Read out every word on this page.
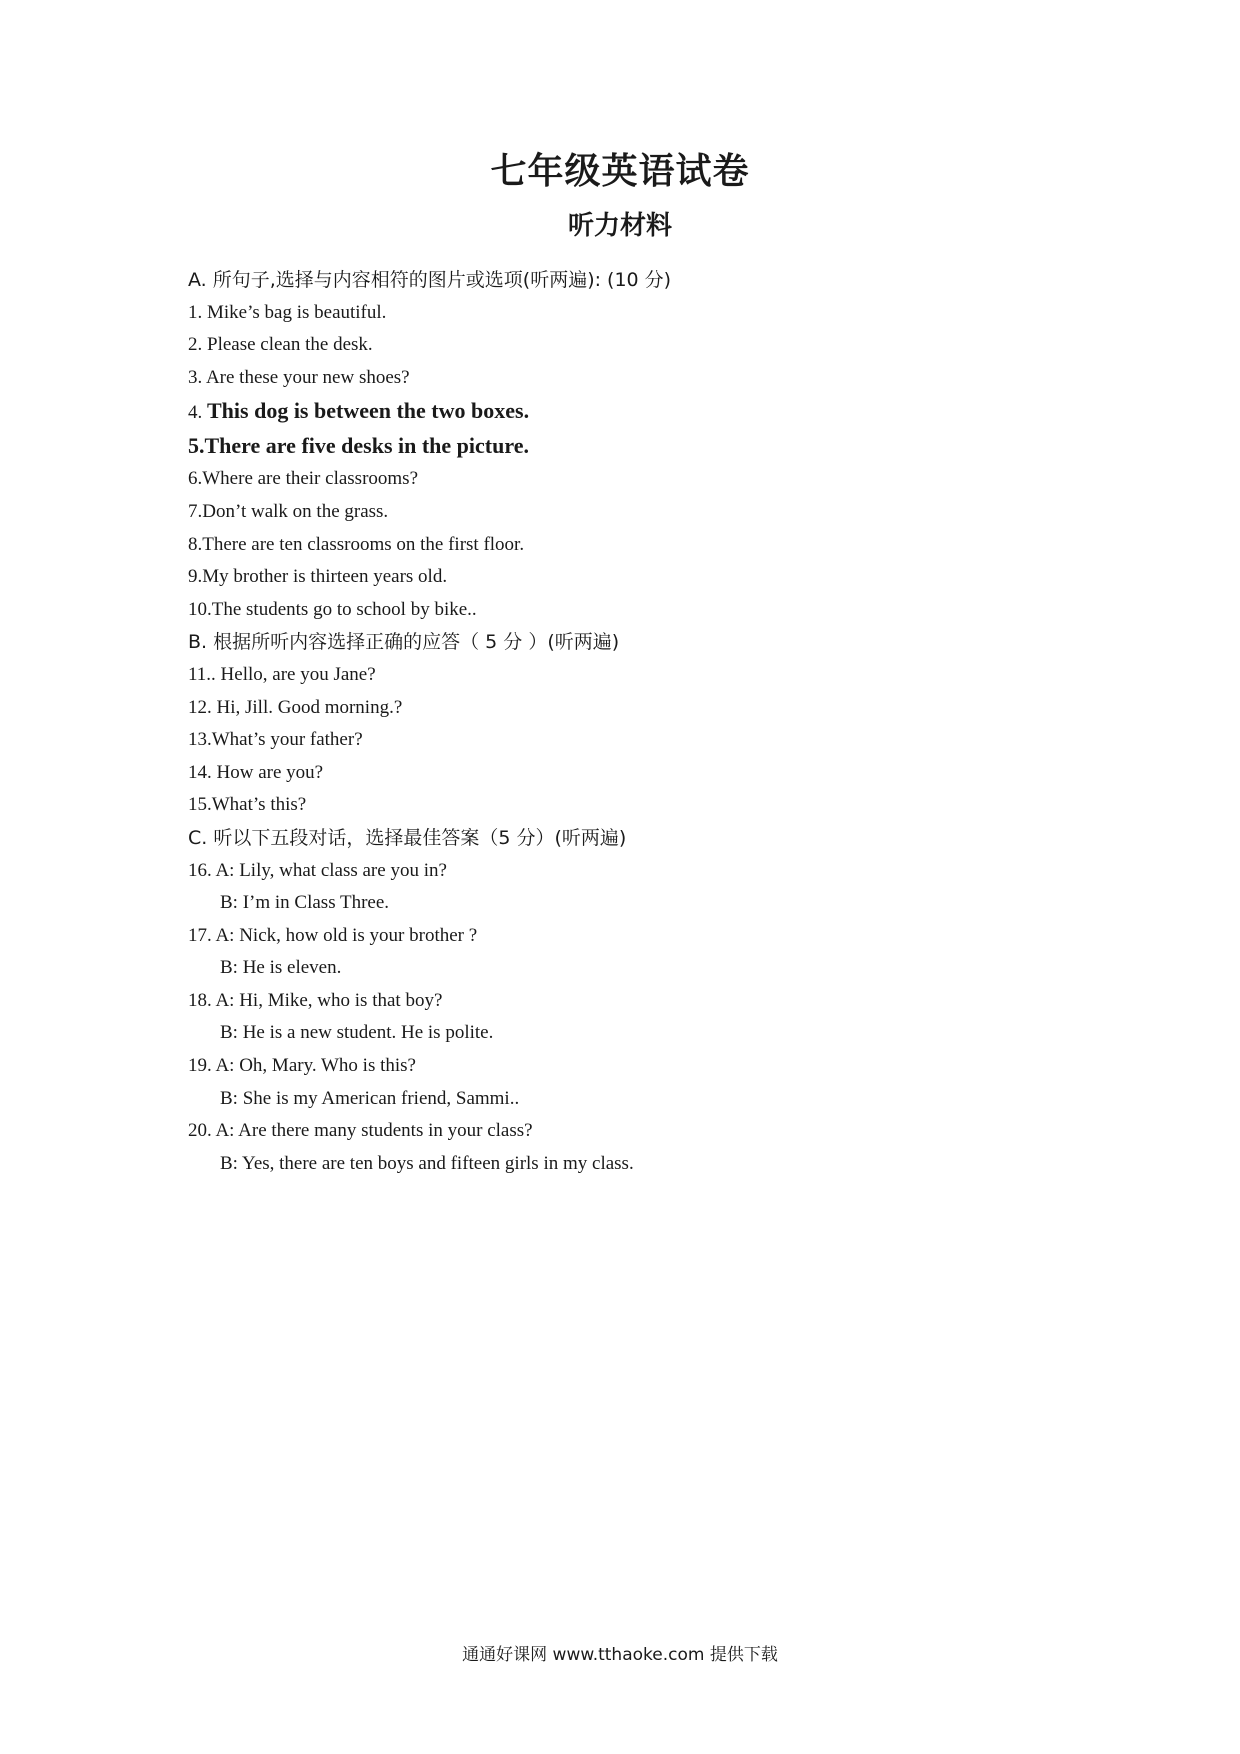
七年级英语试卷
听力材料
A. 所句子,选择与内容相符的图片或选项(听两遍): (10 分)
1. Mike’s bag is beautiful.
2. Please clean the desk.
3. Are these your new shoes?
4. This dog is between the two boxes.
5.There are five desks in the picture.
6.Where are their classrooms?
7.Don’t walk on the grass.
8.There are ten classrooms on the first floor.
9.My brother is thirteen years old.
10.The students go to school by bike..
B. 根据所听内容选择正确的应答（ 5 分 ）(听两遍)
11.. Hello, are you Jane?
12. Hi, Jill. Good morning.?
13.What’s your father?
14. How are you?
15.What’s this?
C. 听以下五段对话，选择最佳答案（5 分）(听两遍)
16. A: Lily, what class are you in?
B: I’m in Class Three.
17. A: Nick, how old is your brother ?
B: He is eleven.
18. A: Hi, Mike, who is that boy?
B: He is a new student. He is polite.
19. A: Oh, Mary. Who is this?
B: She is my American friend, Sammi..
20. A: Are there many students in your class?
B: Yes, there are ten boys and fifteen girls in my class.
通通好课网 www.tthaoke.com 提供下载
